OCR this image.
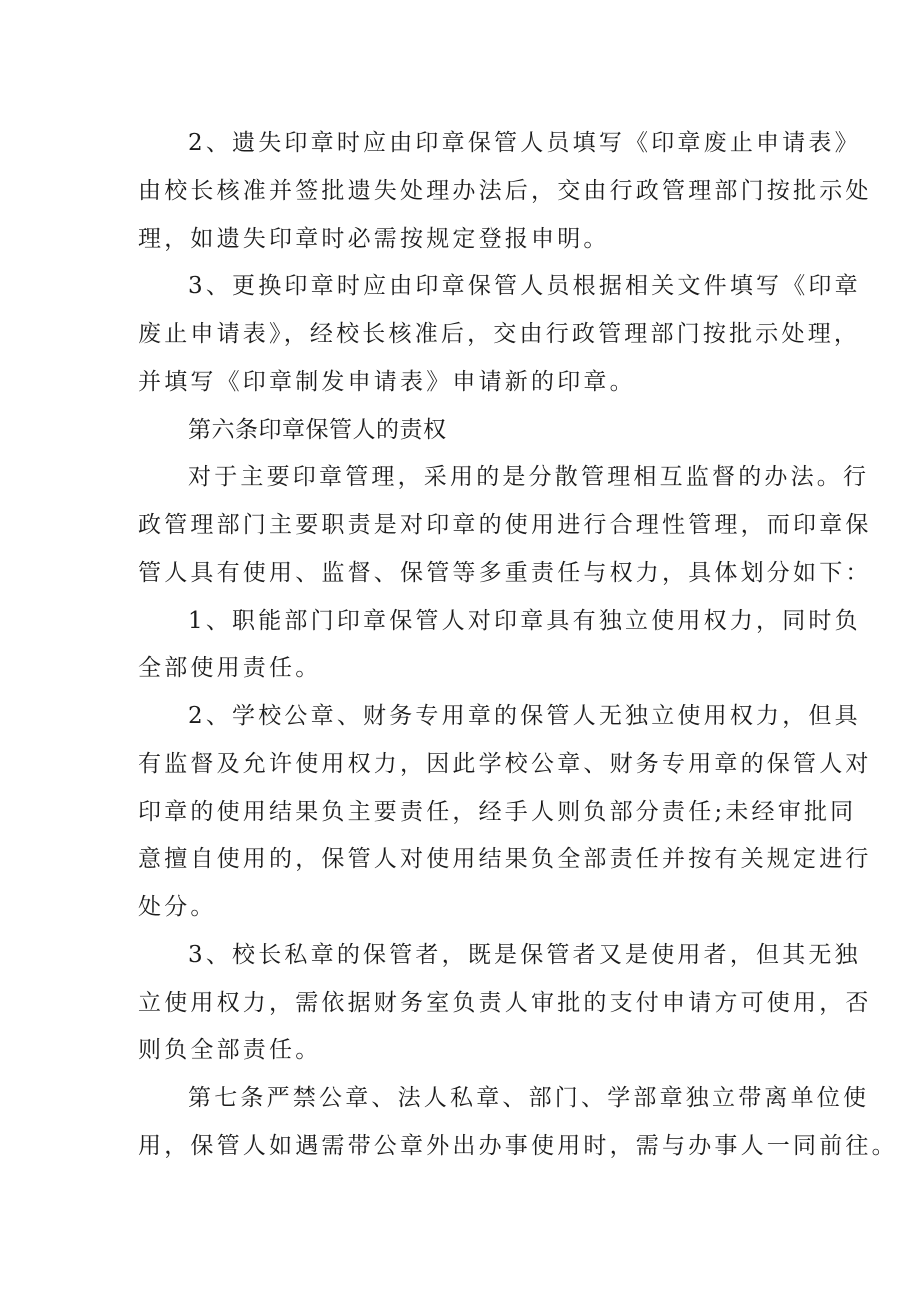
2、遗失印章时应由印章保管人员填写《印章废止申请表》
由校长核准并签批遗失处理办法后，交由行政管理部门按批示处
理，如遗失印章时必需按规定登报申明。
3、更换印章时应由印章保管人员根据相关文件填写《印章
废止申请表》，经校长核准后，交由行政管理部门按批示处理，
并填写《印章制发申请表》申请新的印章。
第六条印章保管人的责权
对于主要印章管理，采用的是分散管理相互监督的办法。行
政管理部门主要职责是对印章的使用进行合理性管理，而印章保
管人具有使用、监督、保管等多重责任与权力，具体划分如下：
1、职能部门印章保管人对印章具有独立使用权力，同时负
全部使用责任。
2、学校公章、财务专用章的保管人无独立使用权力，但具
有监督及允许使用权力，因此学校公章、财务专用章的保管人对
印章的使用结果负主要责任，经手人则负部分责任;未经审批同
意擅自使用的，保管人对使用结果负全部责任并按有关规定进行
处分。
3、校长私章的保管者，既是保管者又是使用者，但其无独
立使用权力，需依据财务室负责人审批的支付申请方可使用，否
则负全部责任。
第七条严禁公章、法人私章、部门、学部章独立带离单位使
用，保管人如遇需带公章外出办事使用时，需与办事人一同前往。
